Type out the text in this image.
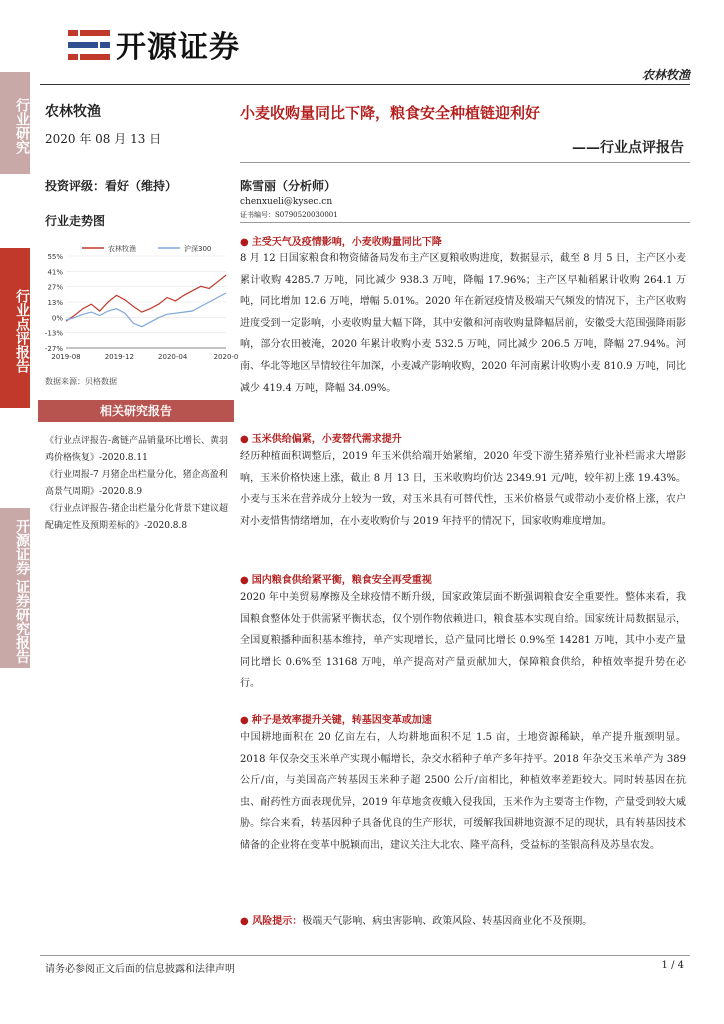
开源证券
农林牧渔
行业研究
行业点评报告
开源证券 证券研究报告
农林牧渔
2020 年 08 月 13 日
投资评级：看好（维持）
行业走势图
55%
41%
27%
13%
0%
-13%
-27%
2019-08	2019-12	2020-04	2020-0
农林牧渔	沪深300
数据来源：贝格数据
相关研究报告
《行业点评报告-禽链产品销量环比增长、黄羽鸡价格恢复》-2020.8.11
《行业周报-7 月猪企出栏量分化，猪企高盈利高景气周期》-2020.8.9
《行业点评报告-猪企出栏量分化背景下建议超配确定性及预期差标的》-2020.8.8
小麦收购量同比下降，粮食安全种植链迎利好
——行业点评报告
陈雪丽（分析师）
chenxueli@kysec.cn
证书编号：S0790520030001
● 主受天气及疫情影响，小麦收购量同比下降
8 月 12 日国家粮食和物资储备局发布主产区夏粮收购进度，数据显示，截至 8 月 5 日，主产区小麦累计收购 4285.7 万吨，同比减少 938.3 万吨，降幅 17.96%；主产区早籼稻累计收购 264.1 万吨，同比增加 12.6 万吨，增幅 5.01%。2020 年在新冠疫情及极端天气频发的情况下，主产区收购进度受到一定影响，小麦收购量大幅下降，其中安徽和河南收购量降幅居前，安徽受大范围强降雨影响，部分农田被淹，2020 年累计收购小麦 532.5 万吨，同比减少 206.5 万吨，降幅 27.94%。河南、华北等地区旱情较往年加深，小麦减产影响收购，2020 年河南累计收购小麦 810.9 万吨，同比减少 419.4 万吨，降幅 34.09%。
● 玉米供给偏紧，小麦替代需求提升
经历种植面积调整后，2019 年玉米供给端开始紧缩，2020 年受下游生猪养殖行业补栏需求大增影响，玉米价格快速上涨，截止 8 月 13 日，玉米收购均价达 2349.91 元/吨，较年初上涨 19.43%。小麦与玉米在营养成分上较为一致，对玉米具有可替代性，玉米价格景气或带动小麦价格上涨，农户对小麦惜售情绪增加，在小麦收购价与 2019 年持平的情况下，国家收购难度增加。
● 国内粮食供给紧平衡，粮食安全再受重视
2020 年中美贸易摩擦及全球疫情不断升级，国家政策层面不断强调粮食安全重要性。整体来看，我国粮食整体处于供需紧平衡状态，仅个别作物依赖进口，粮食基本实现自给。国家统计局数据显示，全国夏粮播种面积基本维持，单产实现增长，总产量同比增长 0.9%至 14281 万吨，其中小麦产量同比增长 0.6%至 13168 万吨，单产提高对产量贡献加大，保障粮食供给，种植效率提升势在必行。
● 种子是效率提升关键，转基因变革或加速
中国耕地面积在 20 亿亩左右，人均耕地面积不足 1.5 亩，土地资源稀缺，单产提升瓶颈明显。2018 年仅杂交玉米单产实现小幅增长，杂交水稻种子单产多年持平。2018 年杂交玉米单产为 389 公斤/亩，与美国高产转基因玉米种子超 2500 公斤/亩相比，种植效率差距较大。同时转基因在抗虫、耐药性方面表现优异，2019 年草地贪夜蛾入侵我国，玉米作为主要寄主作物，产量受到较大威胁。综合来看，转基因种子具备优良的生产形状，可缓解我国耕地资源不足的现状，具有转基因技术储备的企业将在变革中脱颖而出，建议关注大北农、隆平高科，受益标的荃银高科及苏垦农发。
● 风险提示：极端天气影响、病虫害影响、政策风险、转基因商业化不及预期。
请务必参阅正文后面的信息披露和法律声明	1 / 4
